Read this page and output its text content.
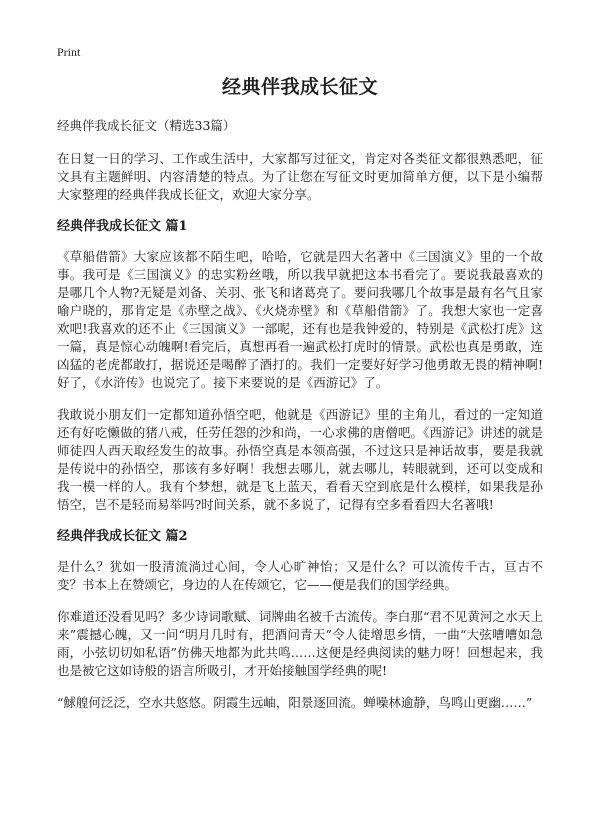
Print
经典伴我成长征文
经典伴我成长征文（精选33篇）

在日复一日的学习、工作或生活中，大家都写过征文，肯定对各类征文都很熟悉吧，征文具有主题鲜明、内容清楚的特点。为了让您在写征文时更加简单方便，以下是小编帮大家整理的经典伴我成长征文，欢迎大家分享。

经典伴我成长征文 篇1

《草船借箭》大家应该都不陌生吧，哈哈，它就是四大名著中《三国演义》里的一个故事。我可是《三国演义》的忠实粉丝哦，所以我早就把这本书看完了。要说我最喜欢的是哪几个人物?无疑是刘备、关羽、张飞和诸葛亮了。要问我哪几个故事是最有名气且家喻户晓的，那肯定是《赤壁之战》、《火烧赤壁》和《草船借箭》了。我想大家也一定喜欢吧!我喜欢的还不止《三国演义》一部呢，还有也是我钟爱的，特别是《武松打虎》这一篇，真是惊心动魄啊!看完后，真想再看一遍武松打虎时的情景。武松也真是勇敢，连凶猛的老虎都敢打，据说还是喝醉了酒打的。我们一定要好好学习他勇敢无畏的精神啊!好了，《水浒传》也说完了。接下来要说的是《西游记》了。

我敢说小朋友们一定都知道孙悟空吧，他就是《西游记》里的主角儿，看过的一定知道还有好吃懒做的猪八戒，任劳任怨的沙和尚，一心求佛的唐僧吧。《西游记》讲述的就是师徒四人西天取经发生的故事。孙悟空真是本领高强，不过这只是神话故事，要是我就是传说中的孙悟空，那该有多好啊！我想去哪儿，就去哪儿，转眼就到，还可以变成和我一模一样的人。我有个梦想，就是飞上蓝天，看看天空到底是什么模样，如果我是孙悟空，岂不是轻而易举吗?时间关系，就不多说了，记得有空多看看四大名著哦!

经典伴我成长征文 篇2

是什么？犹如一股清流淌过心间，令人心旷神怡；又是什么？可以流传千古，亘古不变？书本上在赞颂它，身边的人在传颂它，它——便是我们的国学经典。

你难道还没看见吗？多少诗词歌赋、词牌曲名被千古流传。李白那“君不见黄河之水天上来”震撼心魄，又一问“明月几时有，把酒问青天”令人徒增思乡情，一曲“大弦嘈嘈如急雨，小弦切切如私语”仿佛天地都为此共鸣……这便是经典阅读的魅力呀！回想起来，我也是被它这如诗般的语言所吸引，才开始接触国学经典的呢!

“鯄艎何泛泛，空水共悠悠。阴霞生远岫，阳景逐回流。蝉噪林逾静，鸟鸣山更幽……”
